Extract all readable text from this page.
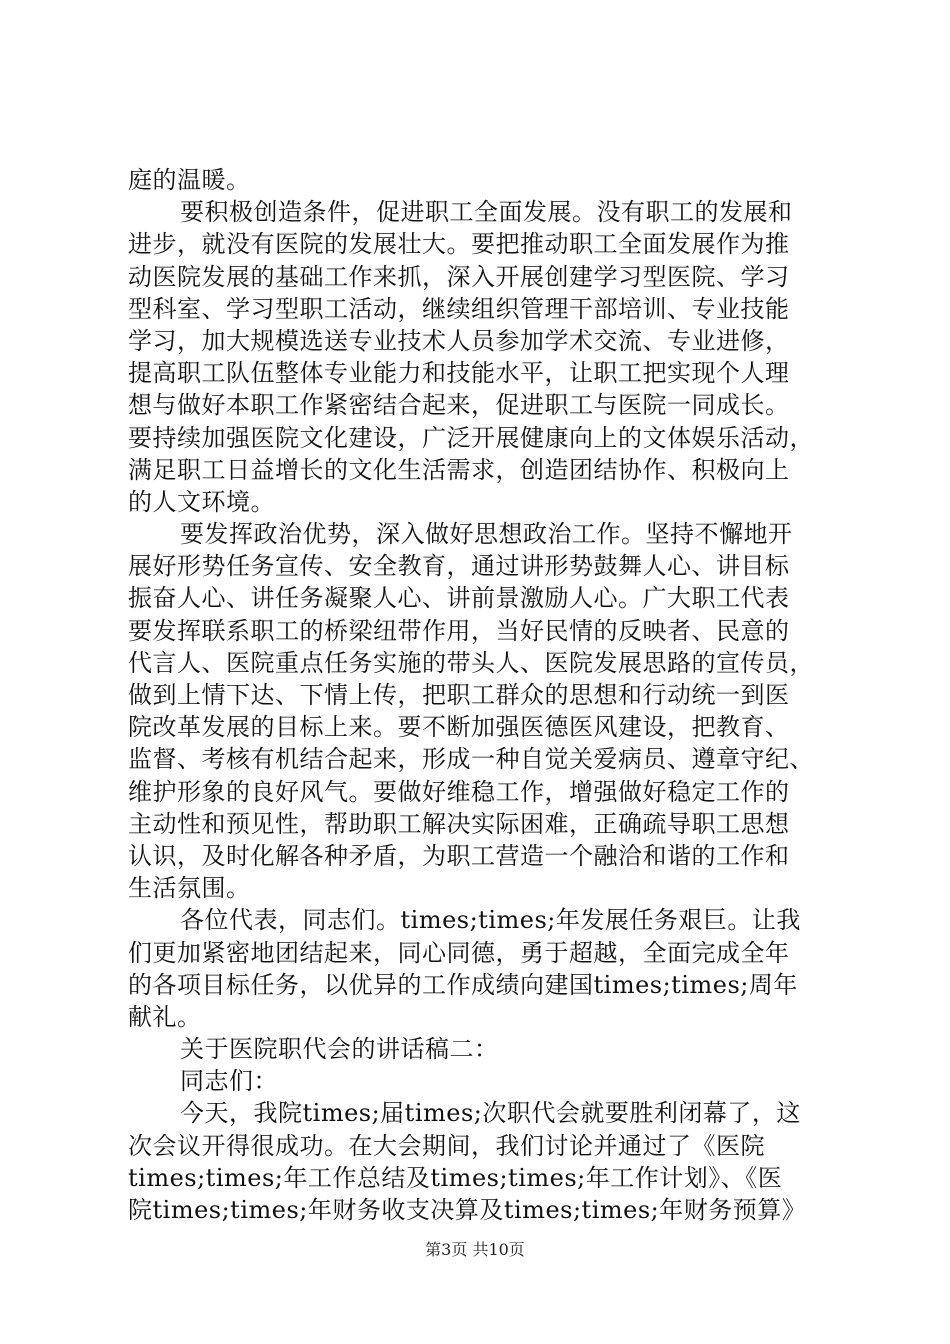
庭的温暖。
要积极创造条件，促进职工全面发展。没有职工的发展和
进步，就没有医院的发展壮大。要把推动职工全面发展作为推
动医院发展的基础工作来抓，深入开展创建学习型医院、学习
型科室、学习型职工活动，继续组织管理干部培训、专业技能
学习，加大规模选送专业技术人员参加学术交流、专业进修，
提高职工队伍整体专业能力和技能水平，让职工把实现个人理
想与做好本职工作紧密结合起来，促进职工与医院一同成长。
要持续加强医院文化建设，广泛开展健康向上的文体娱乐活动，
满足职工日益增长的文化生活需求，创造团结协作、积极向上
的人文环境。
要发挥政治优势，深入做好思想政治工作。坚持不懈地开
展好形势任务宣传、安全教育，通过讲形势鼓舞人心、讲目标
振奋人心、讲任务凝聚人心、讲前景激励人心。广大职工代表
要发挥联系职工的桥梁纽带作用，当好民情的反映者、民意的
代言人、医院重点任务实施的带头人、医院发展思路的宣传员，
做到上情下达、下情上传，把职工群众的思想和行动统一到医
院改革发展的目标上来。要不断加强医德医风建设，把教育、
监督、考核有机结合起来，形成一种自觉关爱病员、遵章守纪、
维护形象的良好风气。要做好维稳工作，增强做好稳定工作的
主动性和预见性，帮助职工解决实际困难，正确疏导职工思想
认识，及时化解各种矛盾，为职工营造一个融洽和谐的工作和
生活氛围。
各位代表，同志们。times;times;年发展任务艰巨。让我
们更加紧密地团结起来，同心同德，勇于超越，全面完成全年
的各项目标任务，以优异的工作成绩向建国times;times;周年
献礼。
关于医院职代会的讲话稿二：
同志们：
今天，我院times;届times;次职代会就要胜利闭幕了，这
次会议开得很成功。在大会期间，我们讨论并通过了《医院
times;times;年工作总结及times;times;年工作计划》、《医
院times;times;年财务收支决算及times;times;年财务预算》
第3页 共10页
